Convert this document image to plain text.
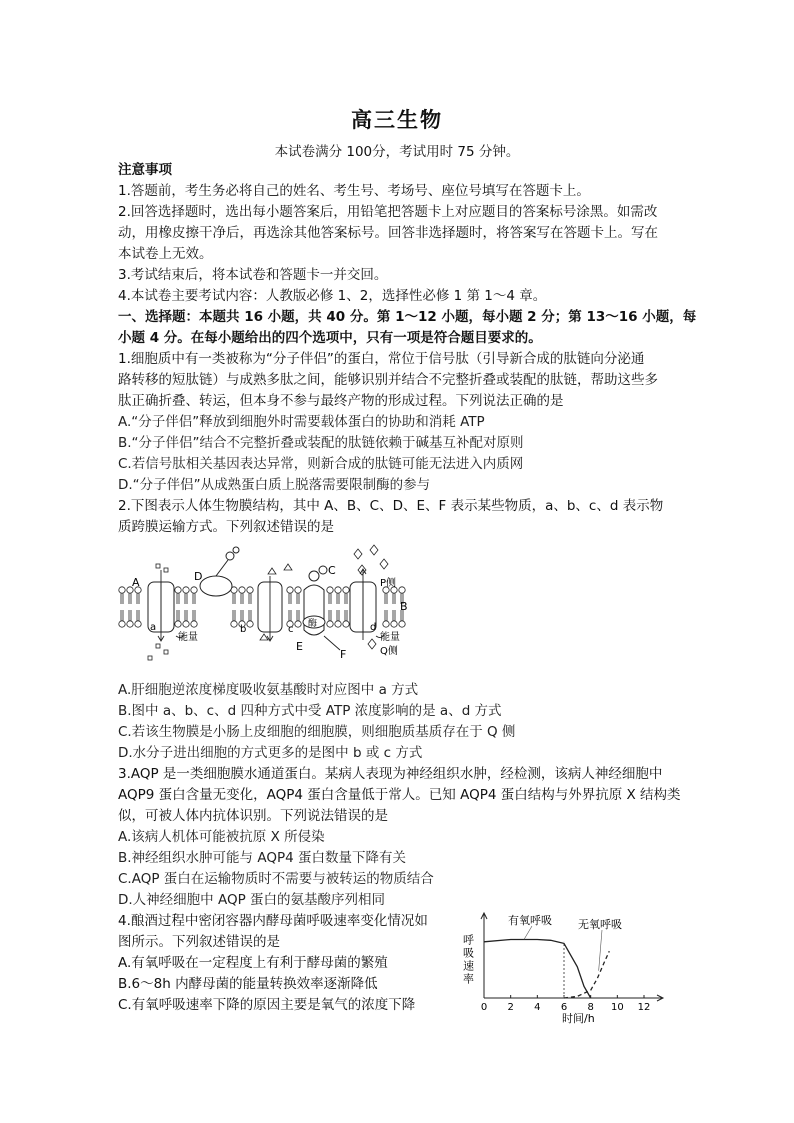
高三生物
本试卷满分 100分，考试用时 75 分钟。
注意事项
1.答题前，考生务必将自己的姓名、考生号、考场号、座位号填写在答题卡上。
2.回答选择题时，选出每小题答案后，用铅笔把答题卡上对应题目的答案标号涂黑。如需改
动，用橡皮擦干净后，再选涂其他答案标号。回答非选择题时，将答案写在答题卡上。写在
本试卷上无效。
3.考试结束后，将本试卷和答题卡一并交回。
4.本试卷主要考试内容：人教版必修 1、2，选择性必修 1 第 1～4 章。
一、选择题：本题共 16 小题，共 40 分。第 1～12 小题，每小题 2 分；第 13～16 小题，每
小题 4 分。在每小题给出的四个选项中，只有一项是符合题目要求的。
1.细胞质中有一类被称为“分子伴侣”的蛋白，常位于信号肽（引导新合成的肽链向分泌通
路转移的短肽链）与成熟多肽之间，能够识别并结合不完整折叠或装配的肽链，帮助这些多
肽正确折叠、转运，但本身不参与最终产物的形成过程。下列说法正确的是
A.“分子伴侣”释放到细胞外时需要载体蛋白的协助和消耗 ATP
B.“分子伴侣”结合不完整折叠或装配的肽链依赖于碱基互补配对原则
C.若信号肽相关基因表达异常，则新合成的肽链可能无法进入内质网
D.“分子伴侣”从成熟蛋白质上脱落需要限制酶的参与
2.下图表示人体生物膜结构，其中 A、B、C、D、E、F 表示某些物质，a、b、c、d 表示物
质跨膜运输方式。下列叙述错误的是
A
B
C
D
E
F
a	b	c	d
能量	能量
P侧
Q侧
酶
A.肝细胞逆浓度梯度吸收氨基酸时对应图中 a 方式
B.图中 a、b、c、d 四种方式中受 ATP 浓度影响的是 a、d 方式
C.若该生物膜是小肠上皮细胞的细胞膜，则细胞质基质存在于 Q 侧
D.水分子进出细胞的方式更多的是图中 b 或 c 方式
3.AQP 是一类细胞膜水通道蛋白。某病人表现为神经组织水肿，经检测，该病人神经细胞中
AQP9 蛋白含量无变化，AQP4 蛋白含量低于常人。已知 AQP4 蛋白结构与外界抗原 X 结构类
似，可被人体内抗体识别。下列说法错误的是
A.该病人机体可能被抗原 X 所侵染
B.神经组织水肿可能与 AQP4 蛋白数量下降有关
C.AQP 蛋白在运输物质时不需要与被转运的物质结合
D.人神经细胞中 AQP 蛋白的氨基酸序列相同
4.酿酒过程中密闭容器内酵母菌呼吸速率变化情况如
图所示。下列叙述错误的是
A.有氧呼吸在一定程度上有利于酵母菌的繁殖
B.6～8h 内酵母菌的能量转换效率逐渐降低
C.有氧呼吸速率下降的原因主要是氧气的浓度下降
呼吸速率
时间/h
0 2 4 6 8 10 12
有氧呼吸 无氧呼吸
